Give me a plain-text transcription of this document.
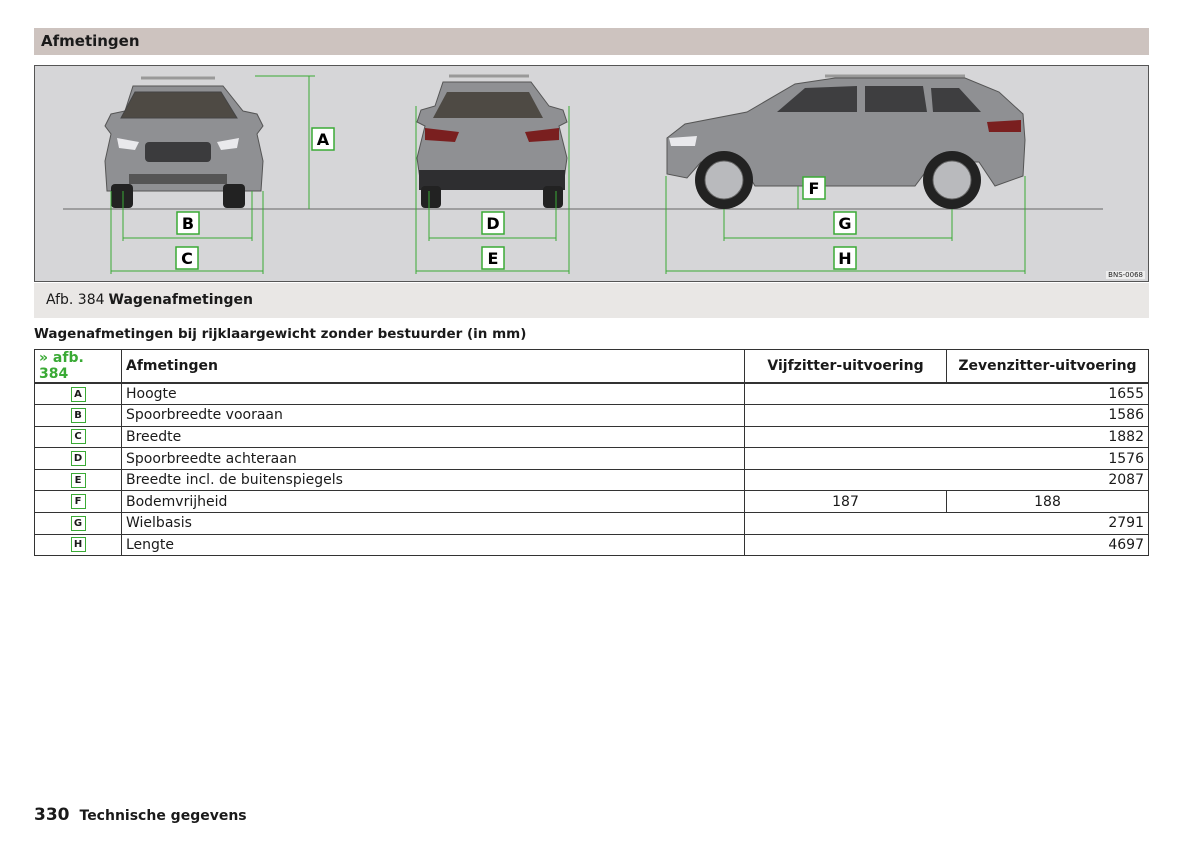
Afmetingen
A
B
C
D
E
F
G
H
BNS-0068
Afb. 384 Wagenafmetingen
Wagenafmetingen bij rijklaargewicht zonder bestuurder (in mm)
» afb. 384	Afmetingen	Vijfzitter-uitvoering	Zevenzitter-uitvoering
A	Hoogte	1655	
B	Spoorbreedte vooraan	1586	
C	Breedte	1882	
D	Spoorbreedte achteraan	1576	
E	Breedte incl. de buitenspiegels	2087	
F	Bodemvrijheid	187	188
G	Wielbasis	2791	
H	Lengte	4697	
330 Technische gegevens
